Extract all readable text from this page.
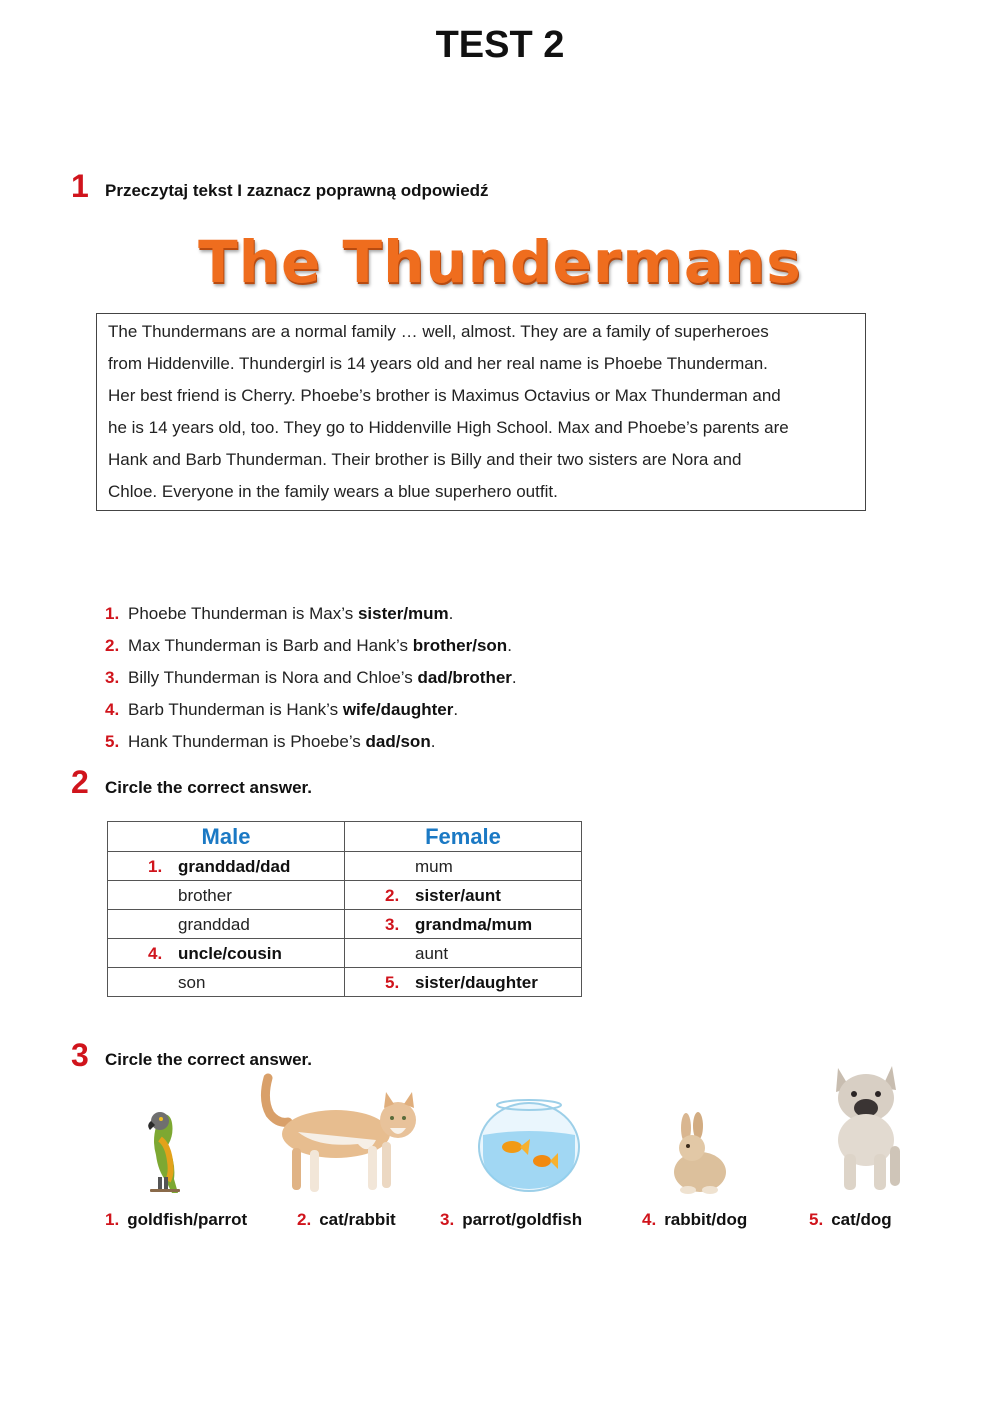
TEST 2
1 Przeczytaj tekst I zaznacz poprawną odpowiedź
The Thundermans
The Thundermans are a normal family … well, almost. They are a family of superheroes
from Hiddenville. Thundergirl is 14 years old and her real name is Phoebe Thunderman.
Her best friend is Cherry. Phoebe’s brother is Maximus Octavius or Max Thunderman and
he is 14 years old, too. They go to Hiddenville High School. Max and Phoebe’s parents are
Hank and Barb Thunderman. Their brother is Billy and their two sisters are Nora and
Chloe. Everyone in the family wears a blue superhero outfit.
1. Phoebe Thunderman is Max’s sister/mum.
2. Max Thunderman is Barb and Hank’s brother/son.
3. Billy Thunderman is Nora and Chloe’s dad/brother.
4. Barb Thunderman is Hank’s wife/daughter.
5. Hank Thunderman is Phoebe’s dad/son.
2 Circle the correct answer.
Male	Female

1. granddad/dad	mum

brother	2. sister/aunt

granddad	3. grandma/mum

4. uncle/cousin	aunt

son	5. sister/daughter
3 Circle the correct answer.
1. goldfish/parrot	2. cat/rabbit	3. parrot/goldfish	4. rabbit/dog	5. cat/dog
